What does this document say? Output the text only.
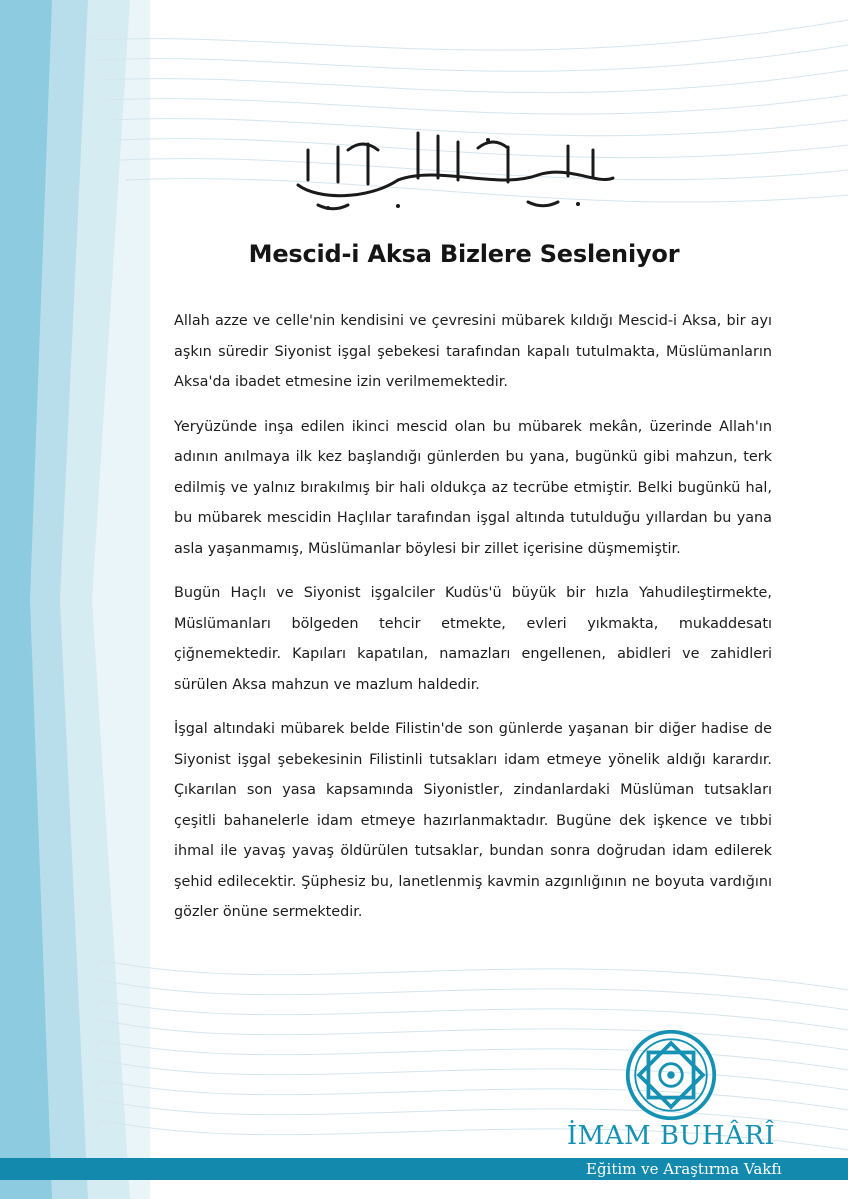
Mescid-i Aksa Bizlere Sesleniyor

Allah azze ve celle'nin kendisini ve çevresini mübarek kıldığı Mescid-i Aksa, bir ayı aşkın süredir Siyonist işgal şebekesi tarafından kapalı tutulmakta, Müslümanların Aksa'da ibadet etmesine izin verilmemektedir.

Yeryüzünde inşa edilen ikinci mescid olan bu mübarek mekân, üzerinde Allah'ın adının anılmaya ilk kez başlandığı günlerden bu yana, bugünkü gibi mahzun, terk edilmiş ve yalnız bırakılmış bir hali oldukça az tecrübe etmiştir. Belki bugünkü hal, bu mübarek mescidin Haçlılar tarafından işgal altında tutulduğu yıllardan bu yana asla yaşanmamış, Müslümanlar böylesi bir zillet içerisine düşmemiştir.

Bugün Haçlı ve Siyonist işgalciler Kudüs'ü büyük bir hızla Yahudileştirmekte, Müslümanları bölgeden tehcir etmekte, evleri yıkmakta, mukaddesatı çiğnemektedir. Kapıları kapatılan, namazları engellenen, abidleri ve zahidleri sürülen Aksa mahzun ve mazlum haldedir.

İşgal altındaki mübarek belde Filistin'de son günlerde yaşanan bir diğer hadise de Siyonist işgal şebekesinin Filistinli tutsakları idam etmeye yönelik aldığı karardır. Çıkarılan son yasa kapsamında Siyonistler, zindanlardaki Müslüman tutsakları çeşitli bahanelerle idam etmeye hazırlanmaktadır. Bugüne dek işkence ve tıbbi ihmal ile yavaş yavaş öldürülen tutsaklar, bundan sonra doğrudan idam edilerek şehid edilecektir. Şüphesiz bu, lanetlenmiş kavmin azgınlığının ne boyuta vardığını gözler önüne sermektedir.

İMAM BUHÂRÎ
Eğitim ve Araştırma Vakfı
